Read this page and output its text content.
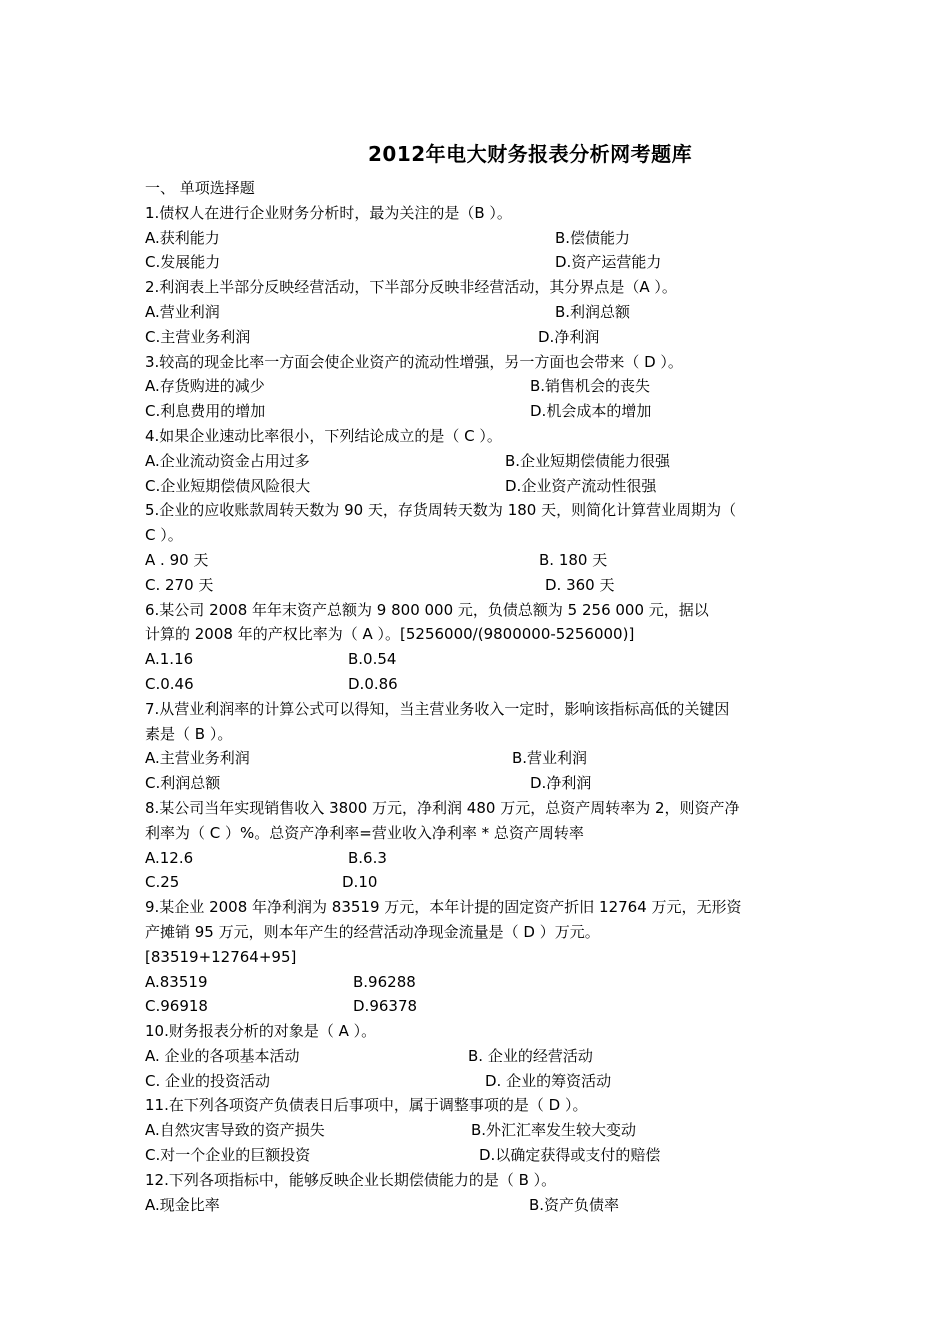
2012年电大财务报表分析网考题库
一、 单项选择题
1.债权人在进行企业财务分析时，最为关注的是（B ）。
A.获利能力	B.偿债能力
C.发展能力	D.资产运营能力
2.利润表上半部分反映经营活动，下半部分反映非经营活动，其分界点是（A ）。
A.营业利润	B.利润总额
C.主营业务利润	D.净利润
3.较高的现金比率一方面会使企业资产的流动性增强，另一方面也会带来（ D ）。
A.存货购进的减少	B.销售机会的丧失
C.利息费用的增加	D.机会成本的增加
4.如果企业速动比率很小，下列结论成立的是（ C ）。
A.企业流动资金占用过多	B.企业短期偿债能力很强
C.企业短期偿债风险很大	D.企业资产流动性很强
5.企业的应收账款周转天数为 90 天，存货周转天数为 180 天，则简化计算营业周期为（
C ）。
A . 90 天	B. 180 天
C. 270 天	D. 360 天
6.某公司 2008 年年末资产总额为 9 800 000 元，负债总额为 5 256 000 元，据以
计算的 2008 年的产权比率为（ A ）。[5256000/(9800000-5256000)]
A.1.16	B.0.54
C.0.46	D.0.86
7.从营业利润率的计算公式可以得知，当主营业务收入一定时，影响该指标高低的关键因
素是（ B ）。
A.主营业务利润	B.营业利润
C.利润总额	D.净利润
8.某公司当年实现销售收入 3800 万元，净利润 480 万元，总资产周转率为 2，则资产净
利率为（ C ）%。总资产净利率=营业收入净利率 * 总资产周转率
A.12.6	B.6.3
C.25	D.10
9.某企业 2008 年净利润为 83519 万元，本年计提的固定资产折旧 12764 万元，无形资
产摊销 95 万元，则本年产生的经营活动净现金流量是（ D ）万元。
[83519+12764+95]
A.83519	B.96288
C.96918	D.96378
10.财务报表分析的对象是（ A ）。
A. 企业的各项基本活动	B. 企业的经营活动
C. 企业的投资活动	D. 企业的筹资活动
11.在下列各项资产负债表日后事项中，属于调整事项的是（ D ）。
A.自然灾害导致的资产损失	B.外汇汇率发生较大变动
C.对一个企业的巨额投资	D.以确定获得或支付的赔偿
12.下列各项指标中，能够反映企业长期偿债能力的是（ B ）。
A.现金比率	B.资产负债率
